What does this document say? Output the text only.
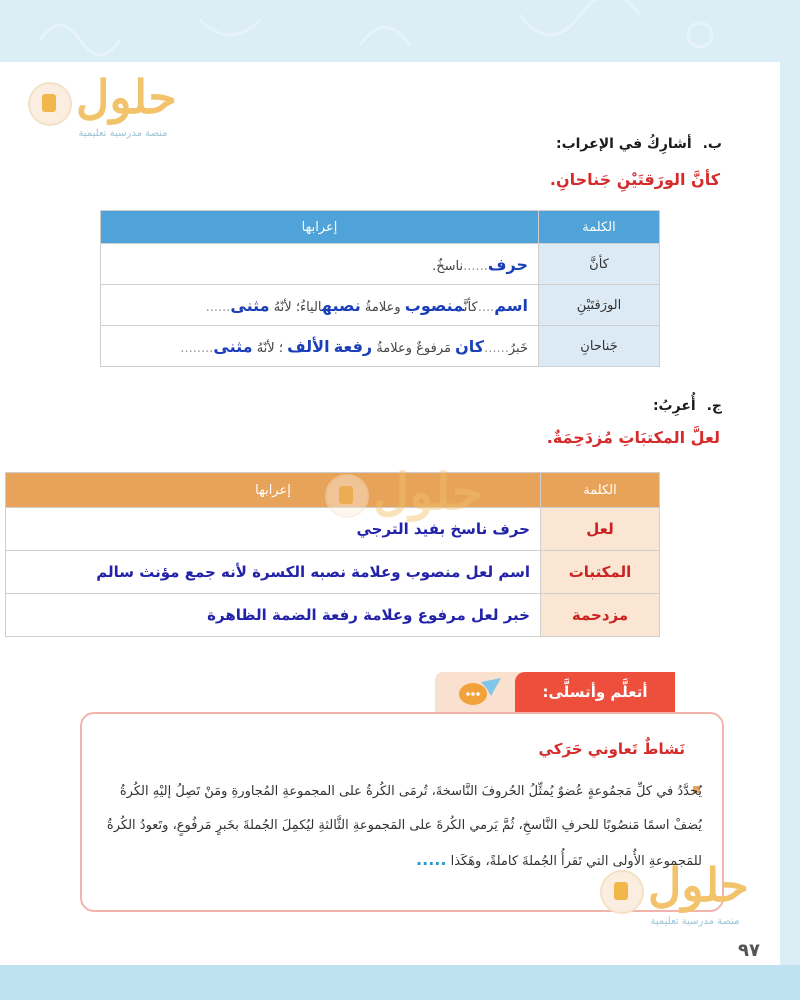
حلول
منصة مدرسية تعليمية
ب. أشارِكُ في الإعراب:
كأنَّ الورَقتَيْنِ جَناحانِ.
الكلمة	إعرابها
كأنَّ	حرف......ناسخٌ.
الورَقتَيْنِ	اسم....كأنَّمنصوب وعلامةُ نصبهالياءُ؛ لأنّهُ مثنى......
جَناحانِ	خَبرُ......كان مَرفوعٌ وعلامةُ رفعة الألف ؛ لأنّهُ مثنى........
ج. أُعرِبُ:
لعلَّ المكتبَاتِ مُزدَحِمَةٌ.
الكلمة	إعرابها
لعل	حرف ناسخ بفيد الترجي
المكتبات	اسم لعل منصوب وعلامة نصبه الكسرة لأنه جمع مؤنث سالم
مزدحمة	خبر لعل مرفوع وعلامة رفعة الضمة الظاهرة
أتعلَّم وأتسلَّى:
نَشاطٌ تَعاوني حَرَكي
يُحدَّدُ في كلِّ مَجمُوعةٍ عُضوٌ يُمثِّلُ الحُروفَ النَّاسخةَ، تُرمَى الكُرةُ على المجموعةِ المُجاورةِ ومَنْ تَصِلُ إليْهِ الكُرةُ يُضفْ اسمًا مَنصُوبًا للحرفِ النَّاسخِ، ثُمَّ يَرمي الكُرةَ على المَجموعةِ الثَّالثةِ ليُكمِلَ الجُملةَ بخَبرٍ مَرفُوعٍ، وتَعودُ الكُرةُ للمَجموعةِ الأُولى التي تَقرأُ الجُملةَ كاملةً، وهَكَذا .....
حلول
حلول
منصة مدرسية تعليمية
٩٧
